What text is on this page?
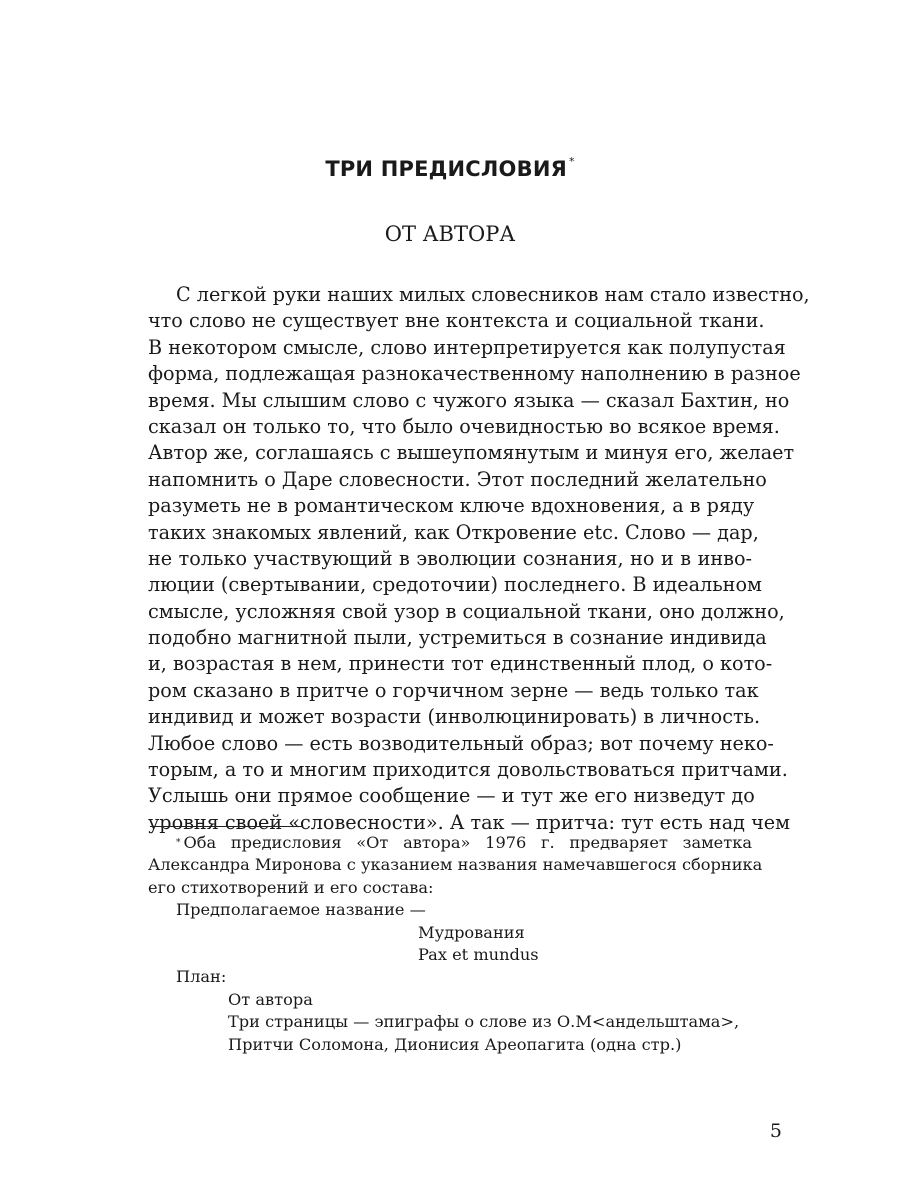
ТРИ ПРЕДИСЛОВИЯ *
ОТ АВТОРА
С легкой руки наших милых словесников нам стало известно,
что слово не существует вне контекста и социальной ткани.
В некотором смысле, слово интерпретируется как полупустая
форма, подлежащая разнокачественному наполнению в разное
время. Мы слышим слово с чужого языка — сказал Бахтин, но
сказал он только то, что было очевидностью во всякое время.
Автор же, соглашаясь с вышеупомянутым и минуя его, желает
напомнить о Даре словесности. Этот последний желательно
разуметь не в романтическом ключе вдохновения, а в ряду
таких знакомых явлений, как Откровение etc. Слово — дар,
не только участвующий в эволюции сознания, но и в инво-
люции (свертывании, средоточии) последнего. В идеальном
смысле, усложняя свой узор в социальной ткани, оно должно,
подобно магнитной пыли, устремиться в сознание индивида
и, возрастая в нем, принести тот единственный плод, о кото-
ром сказано в притче о горчичном зерне — ведь только так
индивид и может возрасти (инволюцинировать) в личность.
Любое слово — есть возводительный образ; вот почему неко-
торым, а то и многим приходится довольствоваться притчами.
Услышь они прямое сообщение — и тут же его низведут до
уровня своей «словесности». А так — притча: тут есть над чем
* Оба предисловия «От автора» 1976 г. предваряет заметка
Александра Миронова с указанием названия намечавшегося сборника
его стихотворений и его состава:
Предполагаемое название —
Мудрования
Pax et mundus
План:
От автора
Три страницы — эпиграфы о слове из О.М<андельштама>,
Притчи Соломона, Дионисия Ареопагита (одна стр.)
5
